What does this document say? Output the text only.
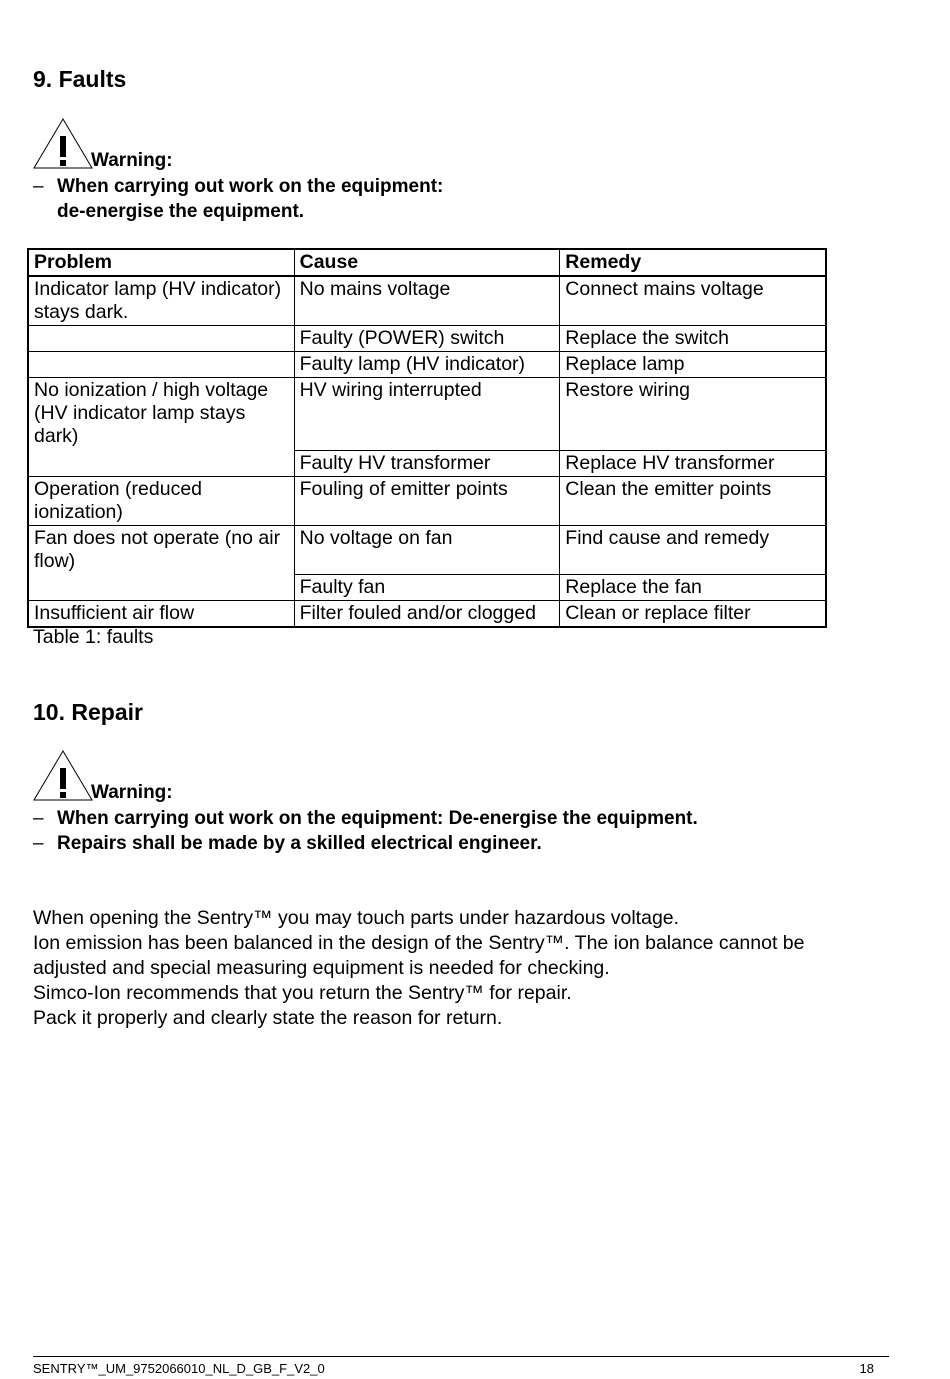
9. Faults
Warning:
– When carrying out work on the equipment:
de-energise the equipment.
Problem	Cause	Remedy
Indicator lamp (HV indicator) stays dark.	No mains voltage	Connect mains voltage
	Faulty (POWER) switch	Replace the switch
	Faulty lamp (HV indicator)	Replace lamp
No ionization / high voltage (HV indicator lamp stays dark)	HV wiring interrupted	Restore wiring
	Faulty HV transformer	Replace HV transformer
Operation (reduced ionization)	Fouling of emitter points	Clean the emitter points
Fan does not operate (no air flow)	No voltage on fan	Find cause and remedy
	Faulty fan	Replace the fan
Insufficient air flow	Filter fouled and/or clogged	Clean or replace filter
Table 1: faults
10. Repair
Warning:
– When carrying out work on the equipment: De-energise the equipment.
– Repairs shall be made by a skilled electrical engineer.
When opening the Sentry™ you may touch parts under hazardous voltage.
Ion emission has been balanced in the design of the Sentry™. The ion balance cannot be
adjusted and special measuring equipment is needed for checking.
Simco-Ion recommends that you return the Sentry™ for repair.
Pack it properly and clearly state the reason for return.
SENTRY™_UM_9752066010_NL_D_GB_F_V2_0	18
